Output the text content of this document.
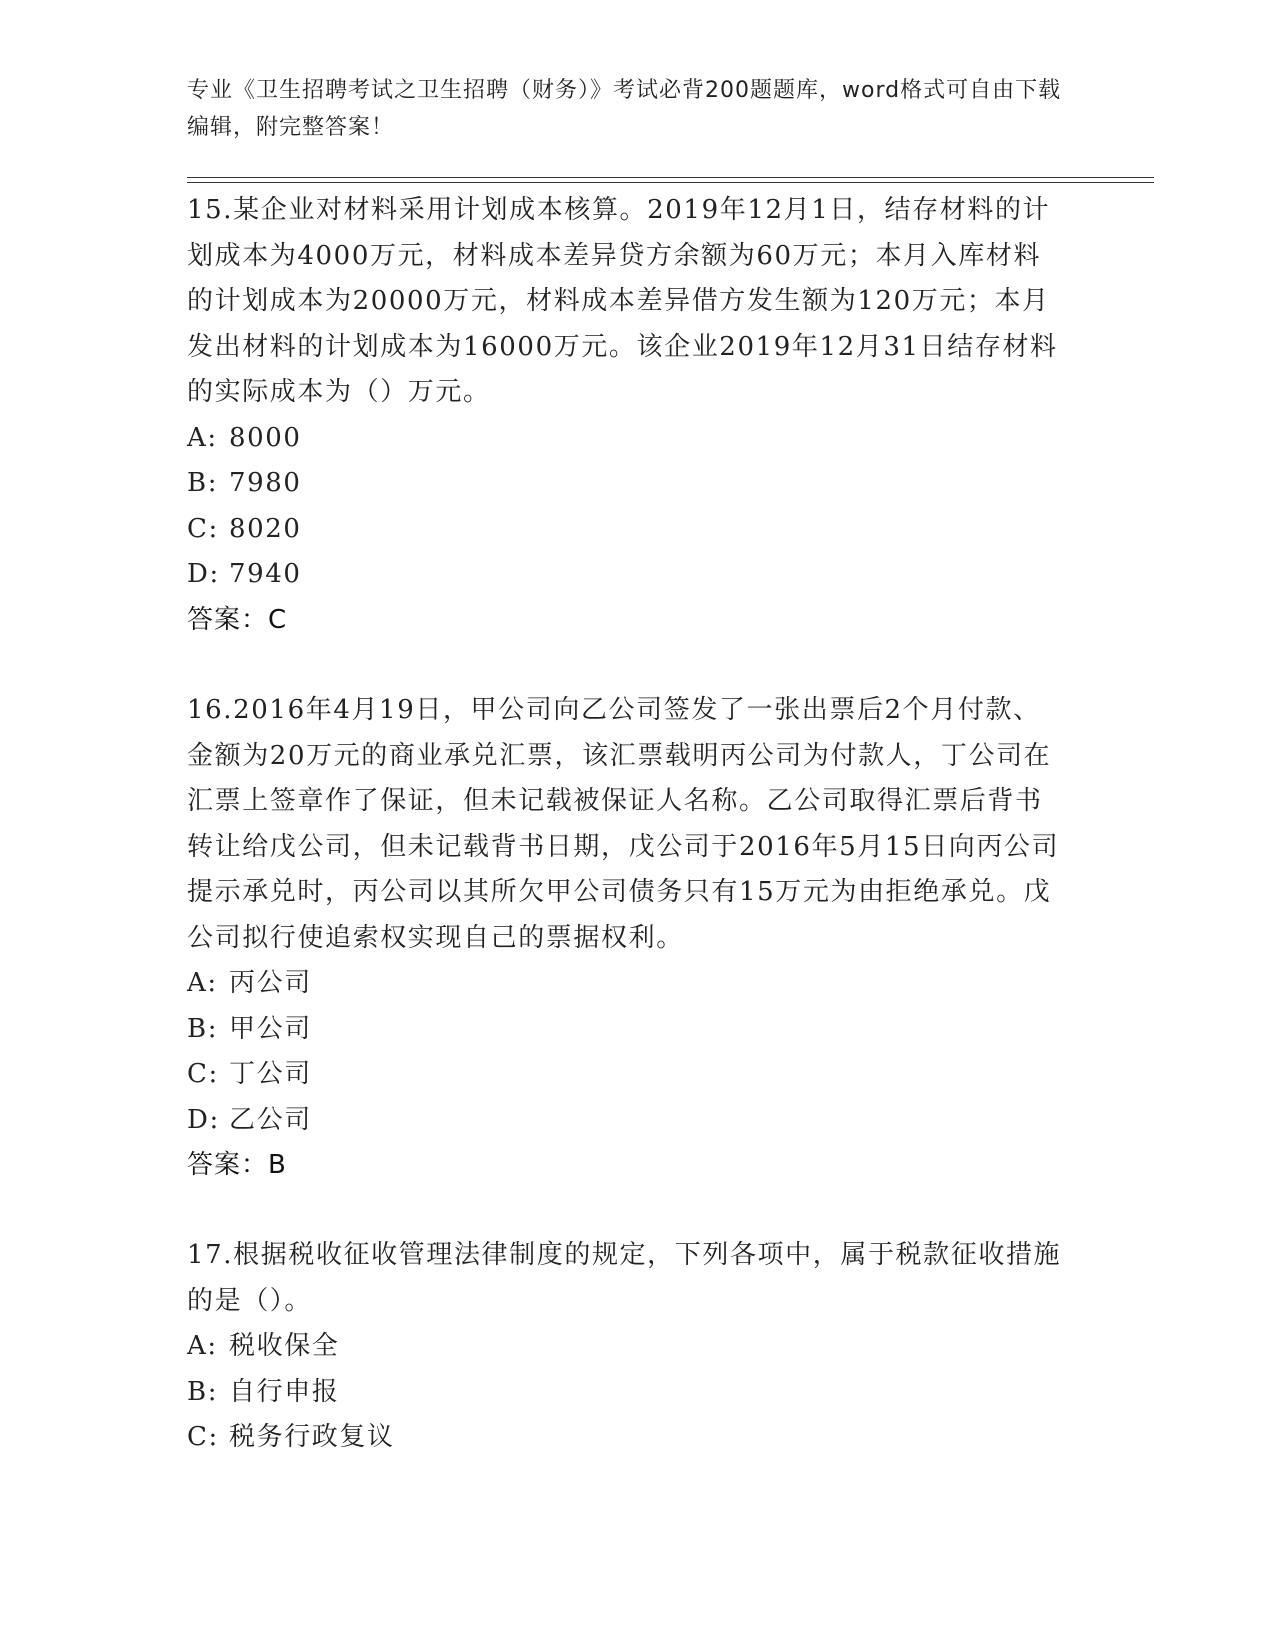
专业《卫生招聘考试之卫生招聘（财务）》考试必背200题题库，word格式可自由下载编辑，附完整答案！

15.某企业对材料采用计划成本核算。2019年12月1日，结存材料的计划成本为4000万元，材料成本差异贷方余额为60万元；本月入库材料的计划成本为20000万元，材料成本差异借方发生额为120万元；本月发出材料的计划成本为16000万元。该企业2019年12月31日结存材料的实际成本为（）万元。

A: 8000

B: 7980

C: 8020

D: 7940

答案：C

16.2016年4月19日，甲公司向乙公司签发了一张出票后2个月付款、金额为20万元的商业承兑汇票，该汇票载明丙公司为付款人，丁公司在汇票上签章作了保证，但未记载被保证人名称。乙公司取得汇票后背书转让给戊公司，但未记载背书日期，戊公司于2016年5月15日向丙公司提示承兑时，丙公司以其所欠甲公司债务只有15万元为由拒绝承兑。戊公司拟行使追索权实现自己的票据权利。

A: 丙公司

B: 甲公司

C: 丁公司

D: 乙公司

答案：B

17.根据税收征收管理法律制度的规定，下列各项中，属于税款征收措施的是（）。

A: 税收保全

B: 自行申报

C: 税务行政复议
